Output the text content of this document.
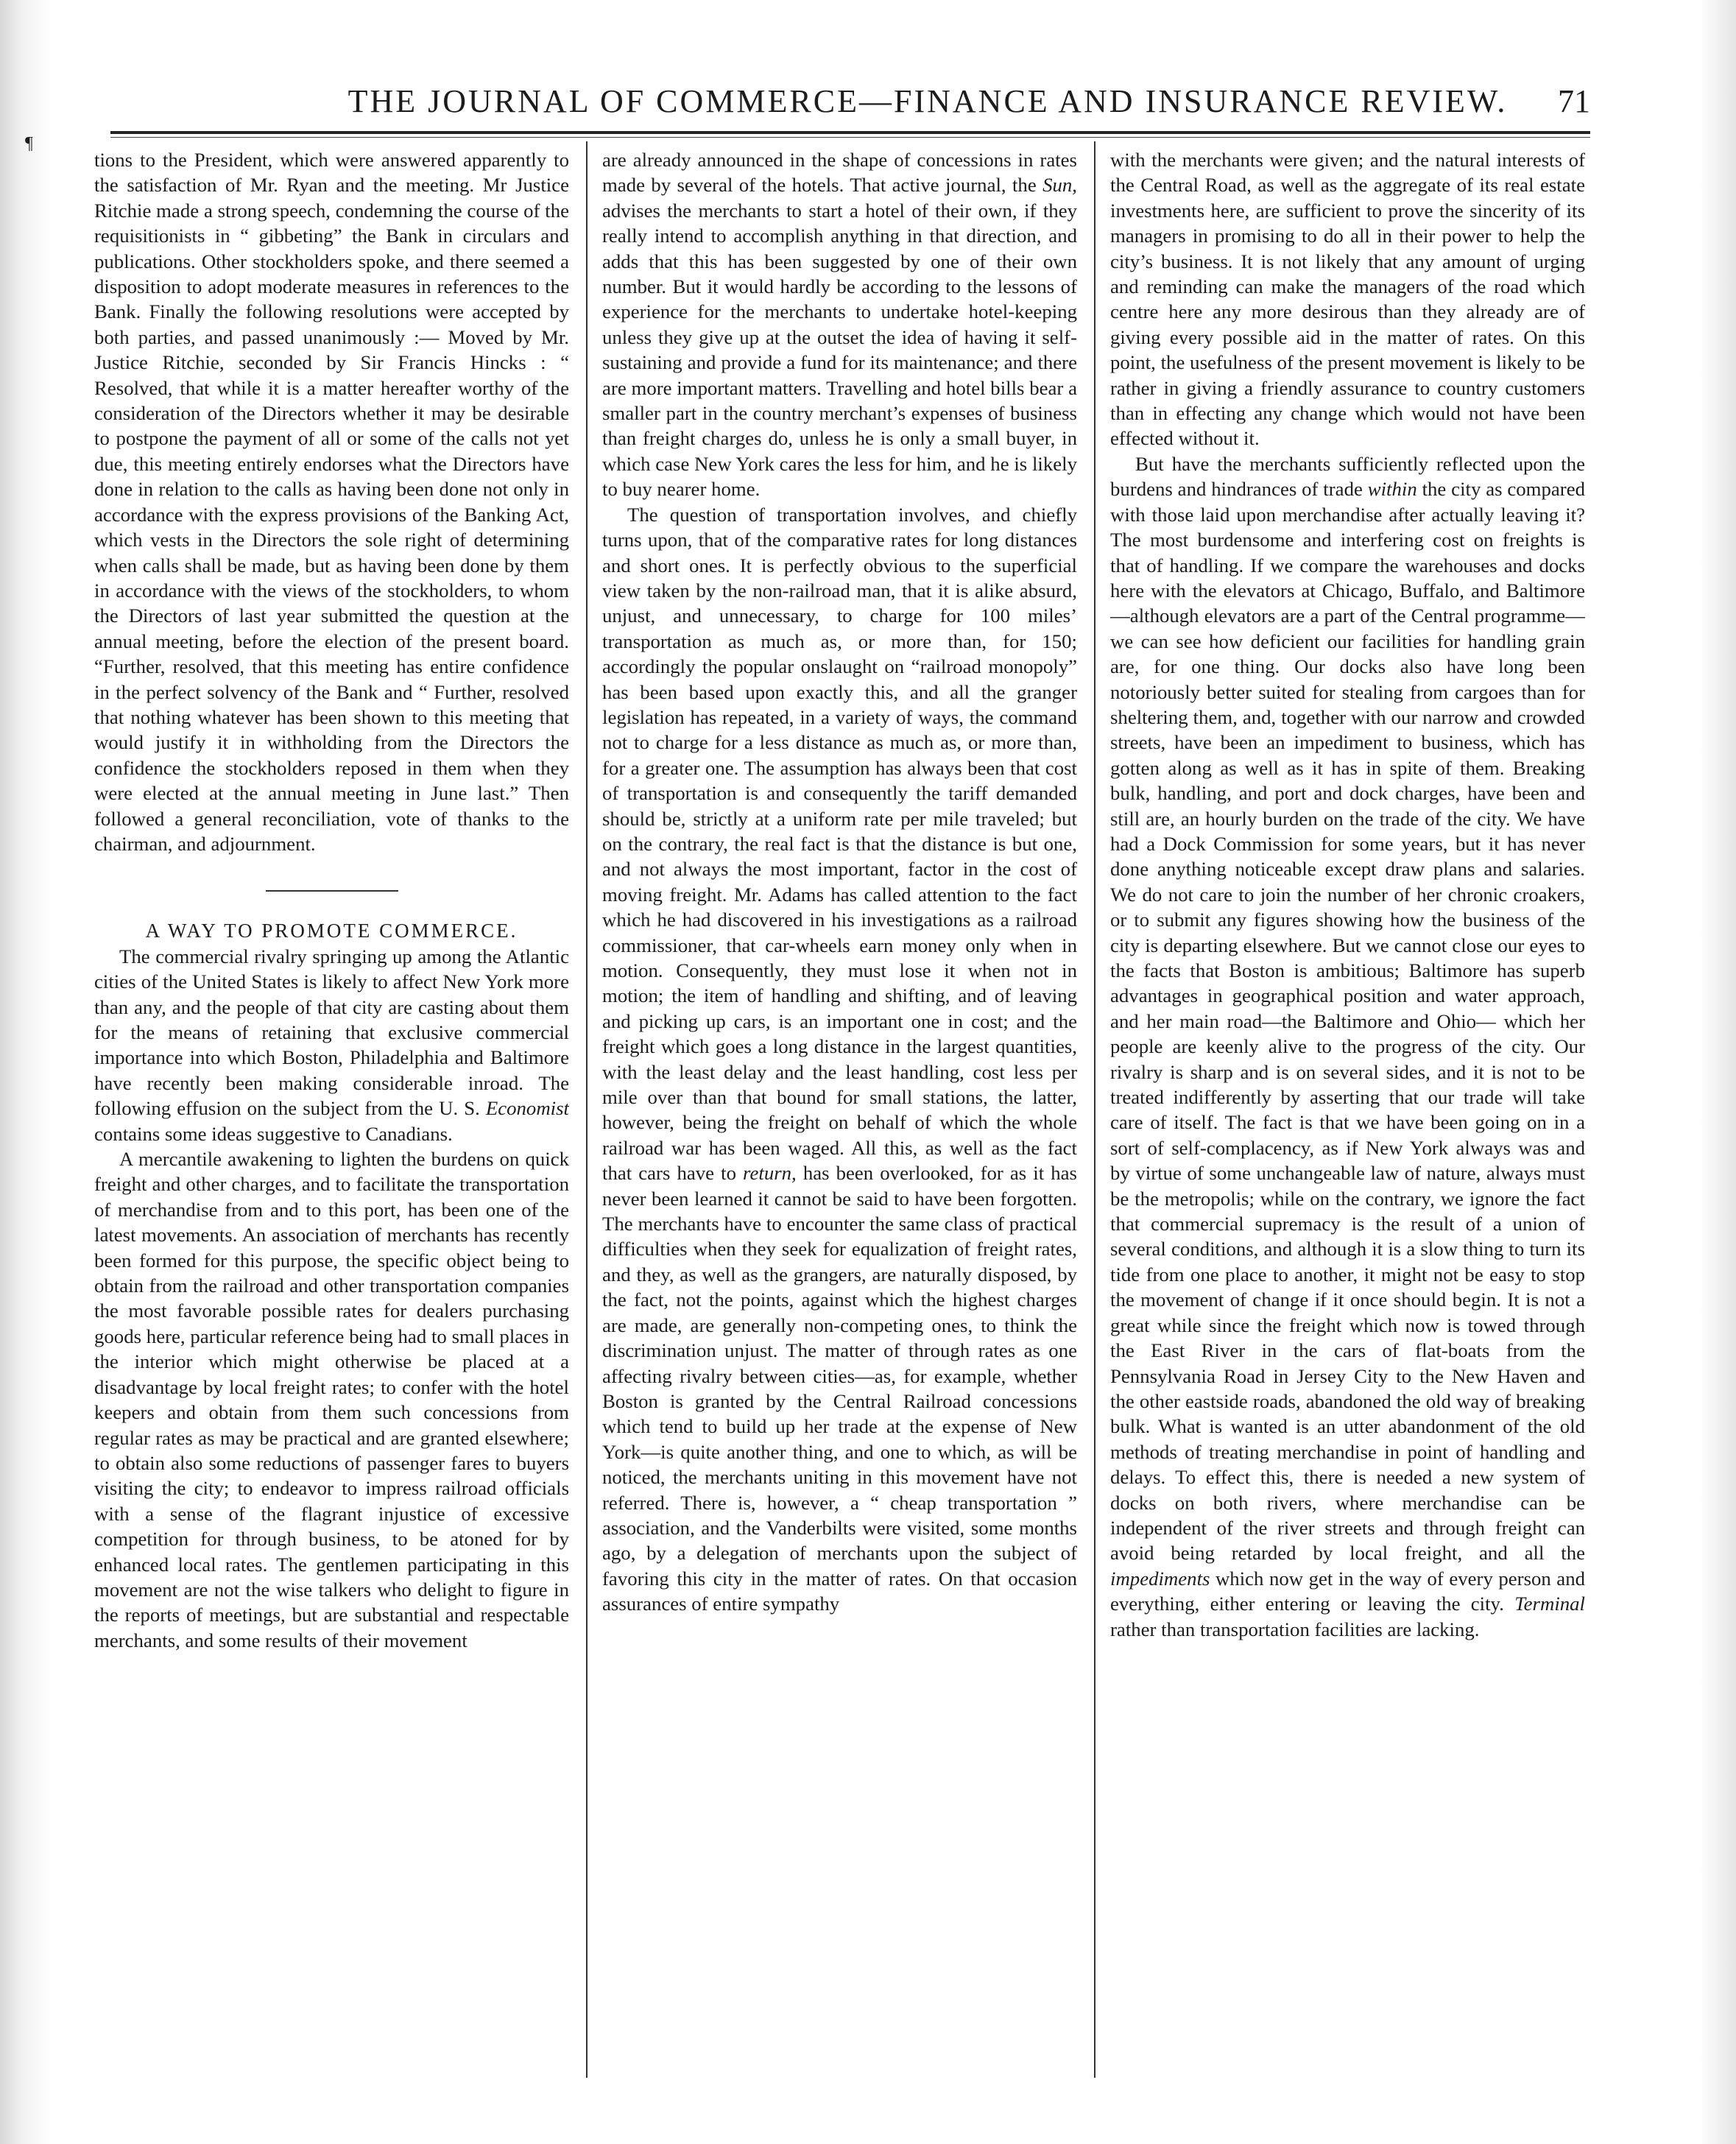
THE JOURNAL OF COMMERCE—FINANCE AND INSURANCE REVIEW.	71
¶

tions to the President, which were answered apparently to the satisfaction of Mr. Ryan and the meeting. Mr Justice Ritchie made a strong speech, condemning the course of the requisitionists in “ gibbeting” the Bank in circulars and publications. Other stockholders spoke, and there seemed a disposition to adopt moderate measures in references to the Bank. Finally the following resolutions were accepted by both parties, and passed unanimously :— Moved by Mr. Justice Ritchie, seconded by Sir Francis Hincks : “ Resolved, that while it is a matter hereafter worthy of the consideration of the Directors whether it may be desirable to postpone the payment of all or some of the calls not yet due, this meeting entirely endorses what the Directors have done in relation to the calls as having been done not only in accordance with the express provisions of the Banking Act, which vests in the Directors the sole right of determining when calls shall be made, but as having been done by them in accordance with the views of the stockholders, to whom the Directors of last year submitted the question at the annual meeting, before the election of the present board. “Further, resolved, that this meeting has entire confidence in the perfect solvency of the Bank and “ Further, resolved that nothing whatever has been shown to this meeting that would justify it in withholding from the Directors the confidence the stockholders reposed in them when they were elected at the annual meeting in June last.” Then followed a general reconciliation, vote of thanks to the chairman, and adjournment.

A WAY TO PROMOTE COMMERCE.

The commercial rivalry springing up among the Atlantic cities of the United States is likely to affect New York more than any, and the people of that city are casting about them for the means of retaining that exclusive commercial importance into which Boston, Philadelphia and Baltimore have recently been making considerable inroad. The following effusion on the subject from the U. S. Economist contains some ideas suggestive to Canadians.

A mercantile awakening to lighten the burdens on quick freight and other charges, and to facilitate the transportation of merchandise from and to this port, has been one of the latest movements. An association of merchants has recently been formed for this purpose, the specific object being to obtain from the railroad and other transportation companies the most favorable possible rates for dealers purchasing goods here, particular reference being had to small places in the interior which might otherwise be placed at a disadvantage by local freight rates; to confer with the hotel keepers and obtain from them such concessions from regular rates as may be practical and are granted elsewhere; to obtain also some reductions of passenger fares to buyers visiting the city; to endeavor to impress railroad officials with a sense of the flagrant injustice of excessive competition for through business, to be atoned for by enhanced local rates. The gentlemen participating in this movement are not the wise talkers who delight to figure in the reports of meetings, but are substantial and respectable merchants, and some results of their movement

are already announced in the shape of concessions in rates made by several of the hotels. That active journal, the Sun, advises the merchants to start a hotel of their own, if they really intend to accomplish anything in that direction, and adds that this has been suggested by one of their own number. But it would hardly be according to the lessons of experience for the merchants to undertake hotel-keeping unless they give up at the outset the idea of having it self-sustaining and provide a fund for its maintenance; and there are more important matters. Travelling and hotel bills bear a smaller part in the country merchant’s expenses of business than freight charges do, unless he is only a small buyer, in which case New York cares the less for him, and he is likely to buy nearer home.

The question of transportation involves, and chiefly turns upon, that of the comparative rates for long distances and short ones. It is perfectly obvious to the superficial view taken by the non-railroad man, that it is alike absurd, unjust, and unnecessary, to charge for 100 miles’ transportation as much as, or more than, for 150; accordingly the popular onslaught on “railroad monopoly” has been based upon exactly this, and all the granger legislation has repeated, in a variety of ways, the command not to charge for a less distance as much as, or more than, for a greater one. The assumption has always been that cost of transportation is and consequently the tariff demanded should be, strictly at a uniform rate per mile traveled; but on the contrary, the real fact is that the distance is but one, and not always the most important, factor in the cost of moving freight. Mr. Adams has called attention to the fact which he had discovered in his investigations as a railroad commissioner, that car-wheels earn money only when in motion. Consequently, they must lose it when not in motion; the item of handling and shifting, and of leaving and picking up cars, is an important one in cost; and the freight which goes a long distance in the largest quantities, with the least delay and the least handling, cost less per mile over than that bound for small stations, the latter, however, being the freight on behalf of which the whole railroad war has been waged. All this, as well as the fact that cars have to return, has been overlooked, for as it has never been learned it cannot be said to have been forgotten. The merchants have to encounter the same class of practical difficulties when they seek for equalization of freight rates, and they, as well as the grangers, are naturally disposed, by the fact, not the points, against which the highest charges are made, are generally non-competing ones, to think the discrimination unjust. The matter of through rates as one affecting rivalry between cities—as, for example, whether Boston is granted by the Central Railroad concessions which tend to build up her trade at the expense of New York—is quite another thing, and one to which, as will be noticed, the merchants uniting in this movement have not referred. There is, however, a “ cheap transportation ” association, and the Vanderbilts were visited, some months ago, by a delegation of merchants upon the subject of favoring this city in the matter of rates. On that occasion assurances of entire sympathy

with the merchants were given; and the natural interests of the Central Road, as well as the aggregate of its real estate investments here, are sufficient to prove the sincerity of its managers in promising to do all in their power to help the city’s business. It is not likely that any amount of urging and reminding can make the managers of the road which centre here any more desirous than they already are of giving every possible aid in the matter of rates. On this point, the usefulness of the present movement is likely to be rather in giving a friendly assurance to country customers than in effecting any change which would not have been effected without it.

But have the merchants sufficiently reflected upon the burdens and hindrances of trade within the city as compared with those laid upon merchandise after actually leaving it? The most burdensome and interfering cost on freights is that of handling. If we compare the warehouses and docks here with the elevators at Chicago, Buffalo, and Baltimore—although elevators are a part of the Central programme— we can see how deficient our facilities for handling grain are, for one thing. Our docks also have long been notoriously better suited for stealing from cargoes than for sheltering them, and, together with our narrow and crowded streets, have been an impediment to business, which has gotten along as well as it has in spite of them. Breaking bulk, handling, and port and dock charges, have been and still are, an hourly burden on the trade of the city. We have had a Dock Commission for some years, but it has never done anything noticeable except draw plans and salaries. We do not care to join the number of her chronic croakers, or to submit any figures showing how the business of the city is departing elsewhere. But we cannot close our eyes to the facts that Boston is ambitious; Baltimore has superb advantages in geographical position and water approach, and her main road—the Baltimore and Ohio— which her people are keenly alive to the progress of the city. Our rivalry is sharp and is on several sides, and it is not to be treated indifferently by asserting that our trade will take care of itself. The fact is that we have been going on in a sort of self-complacency, as if New York always was and by virtue of some unchangeable law of nature, always must be the metropolis; while on the contrary, we ignore the fact that commercial supremacy is the result of a union of several conditions, and although it is a slow thing to turn its tide from one place to another, it might not be easy to stop the movement of change if it once should begin. It is not a great while since the freight which now is towed through the East River in the cars of flat-boats from the Pennsylvania Road in Jersey City to the New Haven and the other eastside roads, abandoned the old way of breaking bulk. What is wanted is an utter abandonment of the old methods of treating merchandise in point of handling and delays. To effect this, there is needed a new system of docks on both rivers, where merchandise can be independent of the river streets and through freight can avoid being retarded by local freight, and all the impediments which now get in the way of every person and everything, either entering or leaving the city. Terminal rather than transportation facilities are lacking.
